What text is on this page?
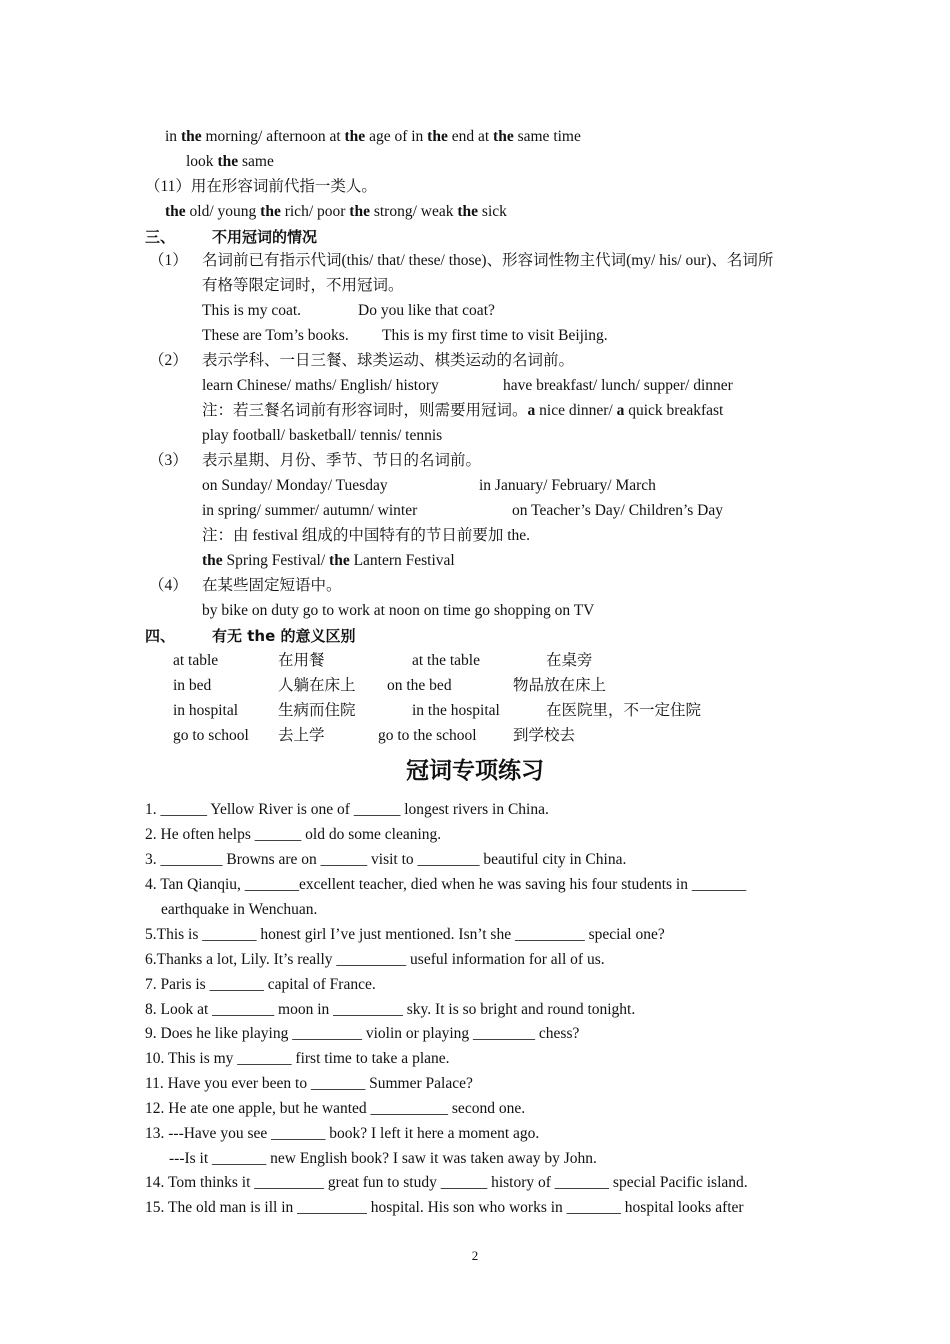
in the morning/ afternoon at the age of in the end at the same time
look the same
（11）用在形容词前代指一类人。
the old/ young the rich/ poor the strong/ weak the sick
三、 不用冠词的情况
（1） 名词前已有指示代词(this/ that/ these/ those)、形容词性物主代词(my/ his/ our)、名词所
有格等限定词时，不用冠词。
This is my coat.	Do you like that coat?
These are Tom’s books. This is my first time to visit Beijing.
（2） 表示学科、一日三餐、球类运动、棋类运动的名词前。
learn Chinese/ maths/ English/ history	have breakfast/ lunch/ supper/ dinner
注：若三餐名词前有形容词时，则需要用冠词。a nice dinner/ a quick breakfast
play football/ basketball/ tennis/ tennis
（3） 表示星期、月份、季节、节日的名词前。
on Sunday/ Monday/ Tuesday	in January/ February/ March
in spring/ summer/ autumn/ winter	on Teacher’s Day/ Children’s Day
注：由 festival 组成的中国特有的节日前要加 the.
the Spring Festival/ the Lantern Festival
（4） 在某些固定短语中。
by bike on duty go to work at noon on time go shopping on TV
四、 有无 the 的意义区别
at table	在用餐	at the table	在桌旁
in bed	人躺在床上 on the bed	物品放在床上
in hospital	生病而住院	in the hospital	在医院里，不一定住院
go to school 去上学	go to the school 到学校去
冠词专项练习
1. ______ Yellow River is one of ______ longest rivers in China.
2. He often helps ______ old do some cleaning.
3. ________ Browns are on ______ visit to ________ beautiful city in China.
4. Tan Qianqiu, _______excellent teacher, died when he was saving his four students in _______
earthquake in Wenchuan.
5.This is _______ honest girl I’ve just mentioned. Isn’t she _________ special one?
6.Thanks a lot, Lily. It’s really _________ useful information for all of us.
7. Paris is _______ capital of France.
8. Look at ________ moon in _________ sky. It is so bright and round tonight.
9. Does he like playing _________ violin or playing ________ chess?
10. This is my _______ first time to take a plane.
11. Have you ever been to _______ Summer Palace?
12. He ate one apple, but he wanted __________ second one.
13. ---Have you see _______ book? I left it here a moment ago.
---Is it _______ new English book? I saw it was taken away by John.
14. Tom thinks it _________ great fun to study ______ history of _______ special Pacific island.
15. The old man is ill in _________ hospital. His son who works in _______ hospital looks after
2
